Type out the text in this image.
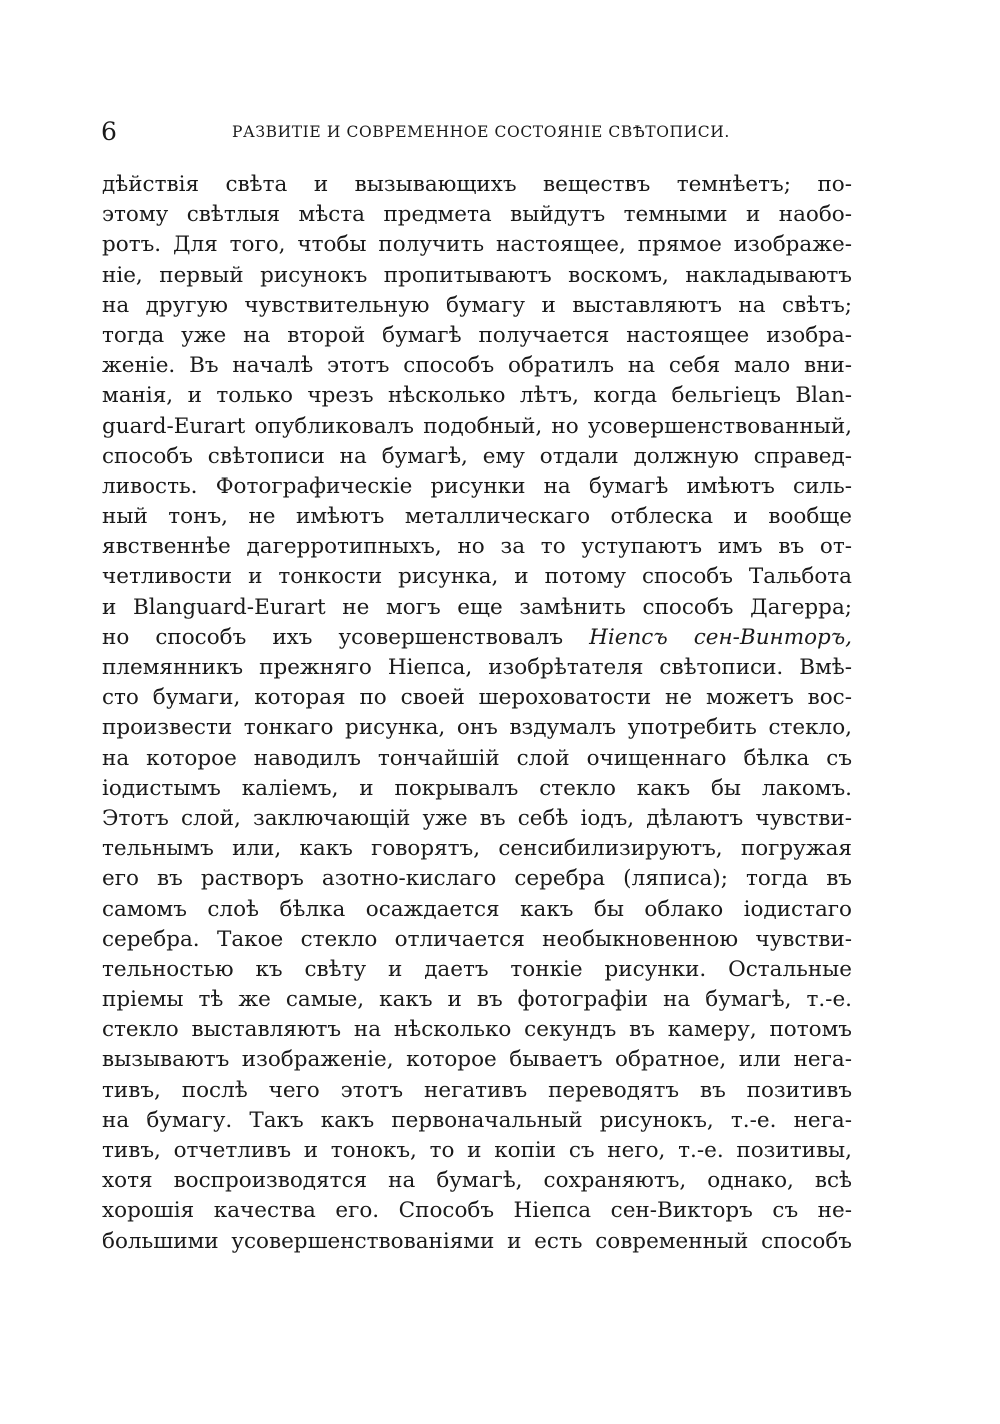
6	РАЗВИТІЕ И СОВРЕМЕННОЕ СОСТОЯНІЕ СВѢТОПИСИ.
дѣйствія свѣта и вызывающихъ веществъ темнѣетъ; по-
этому свѣтлыя мѣста предмета выйдутъ темными и наобо-
ротъ. Для того, чтобы получить настоящее, прямое изображе-
ніе, первый рисунокъ пропитываютъ воскомъ, накладываютъ
на другую чувствительную бумагу и выставляютъ на свѣтъ;
тогда уже на второй бумагѣ получается настоящее изобра-
женіе. Въ началѣ этотъ способъ обратилъ на себя мало вни-
манія, и только чрезъ нѣсколько лѣтъ, когда бельгіецъ Blan-
guard-Eurart опубликовалъ подобный, но усовершенствованный,
способъ свѣтописи на бумагѣ, ему отдали должную справед-
ливость. Фотографическіе рисунки на бумагѣ имѣютъ силь-
ный тонъ, не имѣютъ металлическаго отблеска и вообще
явственнѣе дагерротипныхъ, но за то уступаютъ имъ въ от-
четливости и тонкости рисунка, и потому способъ Тальбота
и Blanguard-Eurart не могъ еще замѣнить способъ Дагерра;
но способъ ихъ усовершенствовалъ Ніепсъ сен-Винторъ,
племянникъ прежняго Ніепса, изобрѣтателя свѣтописи. Вмѣ-
сто бумаги, которая по своей шероховатости не можетъ вос-
произвести тонкаго рисунка, онъ вздумалъ употребить стекло,
на которое наводилъ тончайшій слой очищеннаго бѣлка съ
іодистымъ каліемъ, и покрывалъ стекло какъ бы лакомъ.
Этотъ слой, заключающій уже въ себѣ іодъ, дѣлаютъ чувстви-
тельнымъ или, какъ говорятъ, сенсибилизируютъ, погружая
его въ растворъ азотно-кислаго серебра (ляписа); тогда въ
самомъ слоѣ бѣлка осаждается какъ бы облако іодистаго
серебра. Такое стекло отличается необыкновенною чувстви-
тельностью къ свѣту и даетъ тонкіе рисунки. Остальные
пріемы тѣ же самые, какъ и въ фотографіи на бумагѣ, т.-е.
стекло выставляютъ на нѣсколько секундъ въ камеру, потомъ
вызываютъ изображеніе, которое бываетъ обратное, или нега-
тивъ, послѣ чего этотъ негативъ переводятъ въ позитивъ
на бумагу. Такъ какъ первоначальный рисунокъ, т.-е. нега-
тивъ, отчетливъ и тонокъ, то и копіи съ него, т.-е. позитивы,
хотя воспроизводятся на бумагѣ, сохраняютъ, однако, всѣ
хорошія качества его. Способъ Ніепса сен-Викторъ съ не-
большими усовершенствованіями и есть современный способъ
